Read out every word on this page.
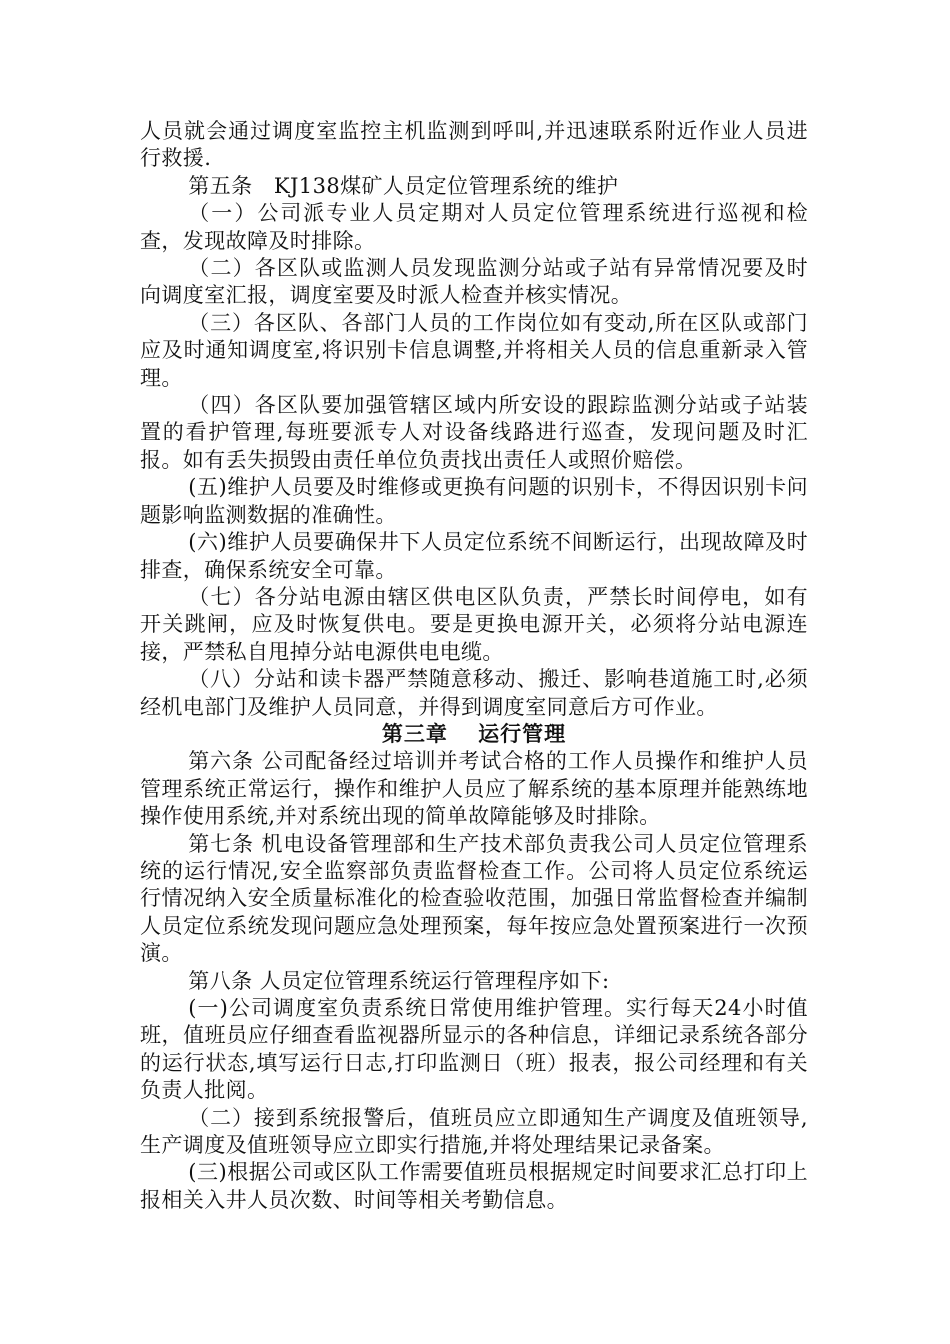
人员就会通过调度室监控主机监测到呼叫,并迅速联系附近作业人员进行救援.

第五条　KJ138煤矿人员定位管理系统的维护

（一）公司派专业人员定期对人员定位管理系统进行巡视和检查，发现故障及时排除。

（二）各区队或监测人员发现监测分站或子站有异常情况要及时向调度室汇报，调度室要及时派人检查并核实情况。

（三）各区队、各部门人员的工作岗位如有变动,所在区队或部门应及时通知调度室,将识别卡信息调整,并将相关人员的信息重新录入管理。

（四）各区队要加强管辖区域内所安设的跟踪监测分站或子站装置的看护管理,每班要派专人对设备线路进行巡查，发现问题及时汇报。如有丢失损毁由责任单位负责找出责任人或照价赔偿。

(五)维护人员要及时维修或更换有问题的识别卡，不得因识别卡问题影响监测数据的准确性。

(六)维护人员要确保井下人员定位系统不间断运行，出现故障及时排查，确保系统安全可靠。

（七）各分站电源由辖区供电区队负责，严禁长时间停电，如有开关跳闸，应及时恢复供电。要是更换电源开关，必须将分站电源连接，严禁私自甩掉分站电源供电电缆。

（八）分站和读卡器严禁随意移动、搬迁、影响巷道施工时,必须经机电部门及维护人员同意，并得到调度室同意后方可作业。

第三章　 运行管理

第六条 公司配备经过培训并考试合格的工作人员操作和维护人员管理系统正常运行，操作和维护人员应了解系统的基本原理并能熟练地操作使用系统,并对系统出现的简单故障能够及时排除。

第七条 机电设备管理部和生产技术部负责我公司人员定位管理系统的运行情况,安全监察部负责监督检查工作。公司将人员定位系统运行情况纳入安全质量标准化的检查验收范围，加强日常监督检查并编制人员定位系统发现问题应急处理预案，每年按应急处置预案进行一次预演。

第八条 人员定位管理系统运行管理程序如下:

(一)公司调度室负责系统日常使用维护管理。实行每天24小时值班，值班员应仔细查看监视器所显示的各种信息，详细记录系统各部分的运行状态,填写运行日志,打印监测日（班）报表，报公司经理和有关负责人批阅。

（二）接到系统报警后，值班员应立即通知生产调度及值班领导,生产调度及值班领导应立即实行措施,并将处理结果记录备案。

(三)根据公司或区队工作需要值班员根据规定时间要求汇总打印上报相关入井人员次数、时间等相关考勤信息。
